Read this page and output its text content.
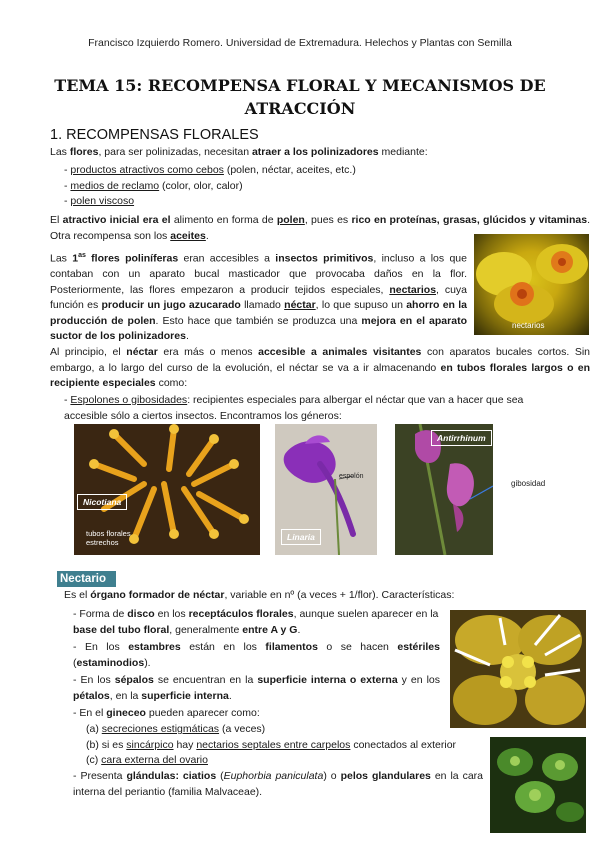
Francisco Izquierdo Romero. Universidad de Extremadura. Helechos y Plantas con Semilla
TEMA 15: RECOMPENSA FLORAL Y MECANISMOS DE
ATRACCIÓN
1. RECOMPENSAS FLORALES
Las flores, para ser polinizadas, necesitan atraer a los polinizadores mediante:
- productos atractivos como cebos (polen, néctar, aceites, etc.)
- medios de reclamo (color, olor, calor)
- polen viscoso
El atractivo inicial era el alimento en forma de polen, pues es rico en proteínas, grasas, glúcidos y vitaminas. Otra recompensa son los aceites.
Las $1^{as}$ flores poliníferas eran accesibles a insectos primitivos, incluso a los que contaban con un aparato bucal masticador que provocaba daños en la flor. Posteriormente, las flores empezaron a producir tejidos especiales, nectarios, cuya función es producir un jugo azucarado llamado néctar, lo que supuso un ahorro en la producción de polen. Esto hace que también se produzca una mejora en el aparato suctor de los polinizadores.
nectarios
Al principio, el néctar era más o menos accesible a animales visitantes con aparatos bucales cortos. Sin embargo, a lo largo del curso de la evolución, el néctar se va a ir almacenando en tubos florales largos o en recipiente especiales como:
- Espolones o gibosidades: recipientes especiales para albergar el néctar que van a hacer que sea accesible sólo a ciertos insectos. Encontramos los géneros:
Nicotiana
tubos florales estrechos
espolón
Linaria
Antirrhinum
gibosidad
Nectario
Es el órgano formador de néctar, variable en nº (a veces + 1/flor). Características:
- Forma de disco en los receptáculos florales, aunque suelen aparecer en la base del tubo floral, generalmente entre A y G.
- En los estambres están en los filamentos o se hacen estériles (estaminodios).
- En los sépalos se encuentran en la superficie interna o externa y en los pétalos, en la superficie interna.
- En el gineceo pueden aparecer como:
(a) secreciones estigmáticas (a veces)
(b) si es sincárpico hay nectarios septales entre carpelos conectados al exterior
(c) cara externa del ovario
- Presenta glándulas: ciatios (Euphorbia paniculata) o pelos glandulares en la cara interna del periantio (familia Malvaceae).
